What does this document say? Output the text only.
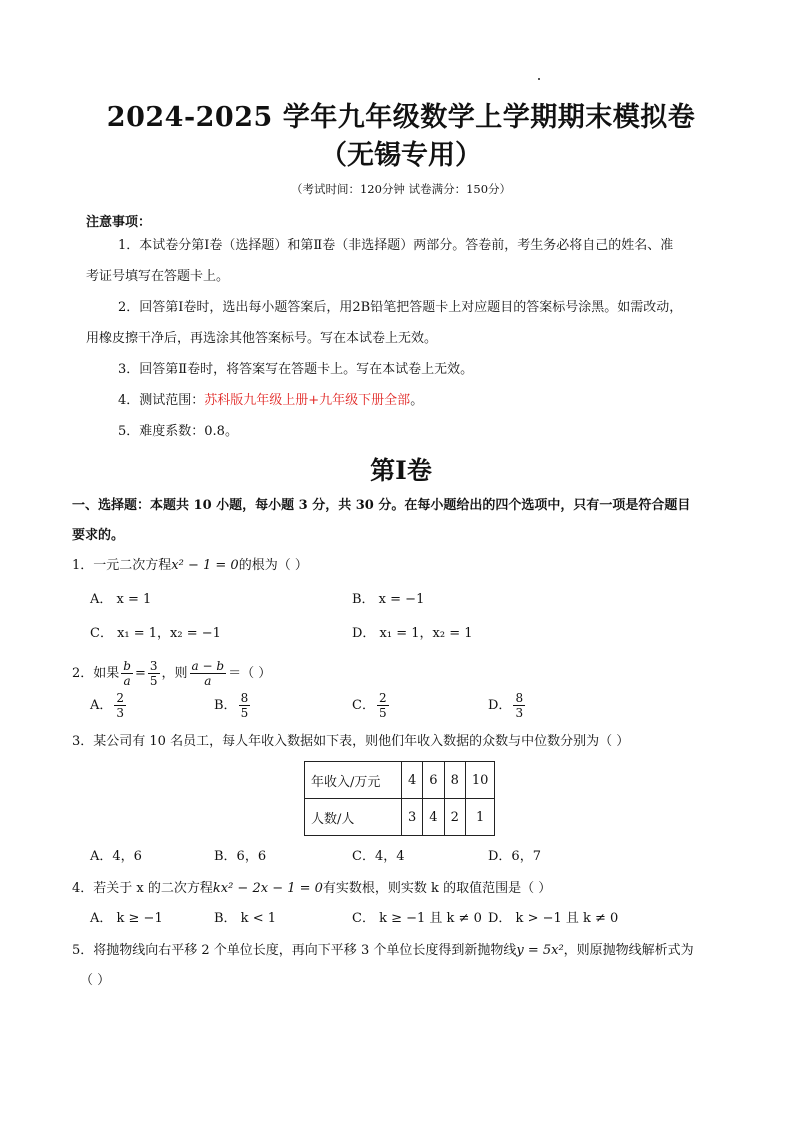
2024-2025 学年九年级数学上学期期末模拟卷
（无锡专用）
（考试时间：120分钟 试卷满分：150分）
注意事项：
1．本试卷分第Ⅰ卷（选择题）和第Ⅱ卷（非选择题）两部分。答卷前，考生务必将自己的姓名、准
考证号填写在答题卡上。
2．回答第Ⅰ卷时，选出每小题答案后，用2B铅笔把答题卡上对应题目的答案标号涂黑。如需改动，
用橡皮擦干净后，再选涂其他答案标号。写在本试卷上无效。
3．回答第Ⅱ卷时，将答案写在答题卡上。写在本试卷上无效。
4．测试范围：苏科版九年级上册+九年级下册全部。
5．难度系数：0.8。
第Ⅰ卷
一、选择题：本题共 10 小题，每小题 3 分，共 30 分。在每小题给出的四个选项中，只有一项是符合题目
要求的。
1．一元二次方程x² − 1 = 0的根为（ ）
A． x = 1	B． x = −1
C． x₁ = 1，x₂ = −1	D． x₁ = 1，x₂ = 1
2．如果 $\frac{b}{a} = \frac{3}{5}$ ，则 $\frac{a - b}{a}$ ＝（ ）
A． $\frac{2}{3}$	B． $\frac{8}{5}$	C． $\frac{2}{5}$	D． $\frac{8}{3}$
3．某公司有 10 名员工，每人年收入数据如下表，则他们年收入数据的众数与中位数分别为（ ）
年收入/万元	4	6	8	10
人数/人	3	4	2	1
A．4，6	B．6，6	C．4，4	D．6，7
4．若关于 x 的二次方程kx² − 2x − 1 = 0有实数根，则实数 k 的取值范围是（ ）
A． k ≥ −1	B． k < 1	C． k ≥ −1 且 k ≠ 0 D． k > −1 且 k ≠ 0
5．将抛物线向右平移 2 个单位长度，再向下平移 3 个单位长度得到新抛物线y = 5x²，则原抛物线解析式为
（ ）
